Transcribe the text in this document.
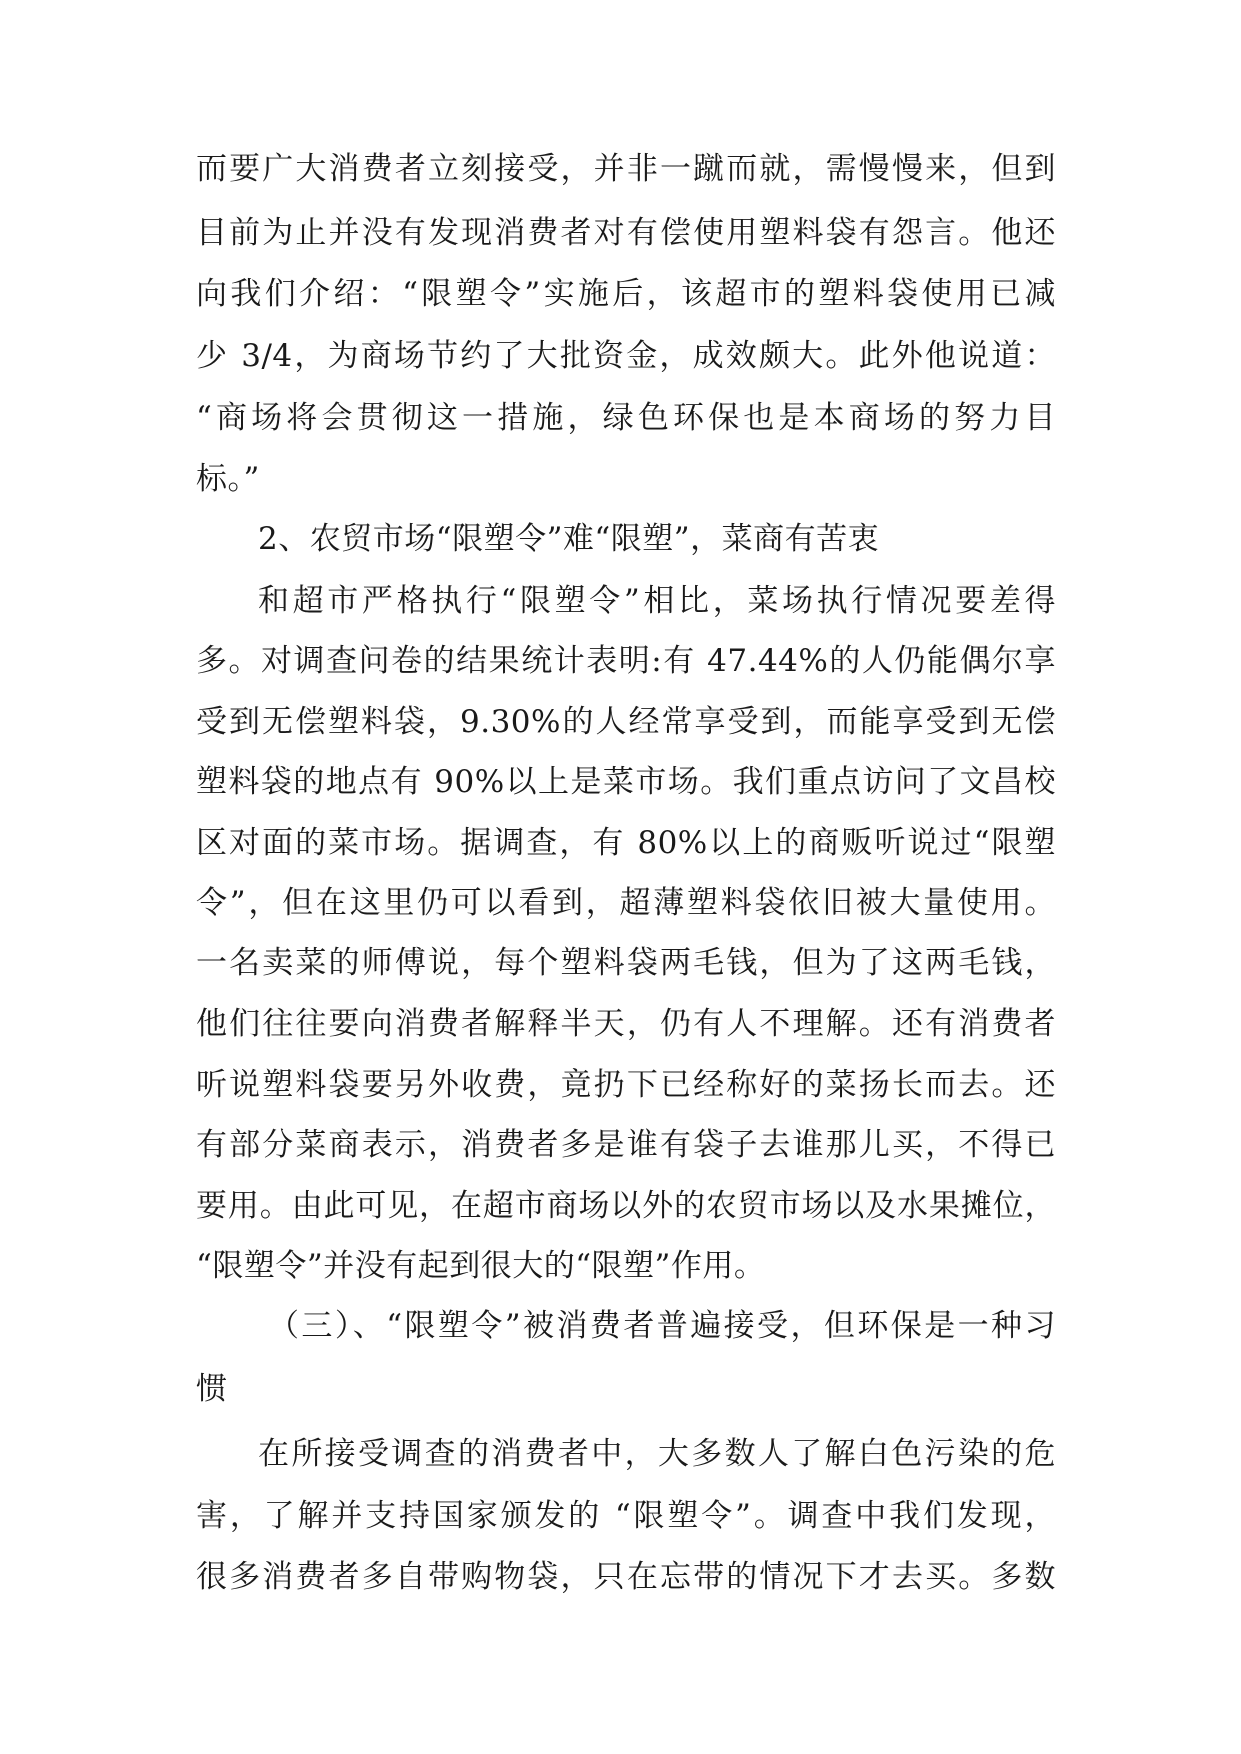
而要广大消费者立刻接受，并非一蹴而就，需慢慢来，但到
目前为止并没有发现消费者对有偿使用塑料袋有怨言。他还
向我们介绍：“限塑令”实施后，该超市的塑料袋使用已减
少 3/4，为商场节约了大批资金，成效颇大。此外他说道：
“商场将会贯彻这一措施，绿色环保也是本商场的努力目
标。”
2、农贸市场“限塑令”难“限塑”，菜商有苦衷
和超市严格执行“限塑令”相比，菜场执行情况要差得
多。对调查问卷的结果统计表明:有 47.44%的人仍能偶尔享
受到无偿塑料袋，9.30%的人经常享受到，而能享受到无偿
塑料袋的地点有 90%以上是菜市场。我们重点访问了文昌校
区对面的菜市场。据调查，有 80%以上的商贩听说过“限塑
令”，但在这里仍可以看到，超薄塑料袋依旧被大量使用。
一名卖菜的师傅说，每个塑料袋两毛钱，但为了这两毛钱，
他们往往要向消费者解释半天，仍有人不理解。还有消费者
听说塑料袋要另外收费，竟扔下已经称好的菜扬长而去。还
有部分菜商表示，消费者多是谁有袋子去谁那儿买，不得已
要用。由此可见，在超市商场以外的农贸市场以及水果摊位，
“限塑令”并没有起到很大的“限塑”作用。
（三）、“限塑令”被消费者普遍接受，但环保是一种习
惯
在所接受调查的消费者中，大多数人了解白色污染的危
害，了解并支持国家颁发的 “限塑令”。调查中我们发现，
很多消费者多自带购物袋，只在忘带的情况下才去买。多数
